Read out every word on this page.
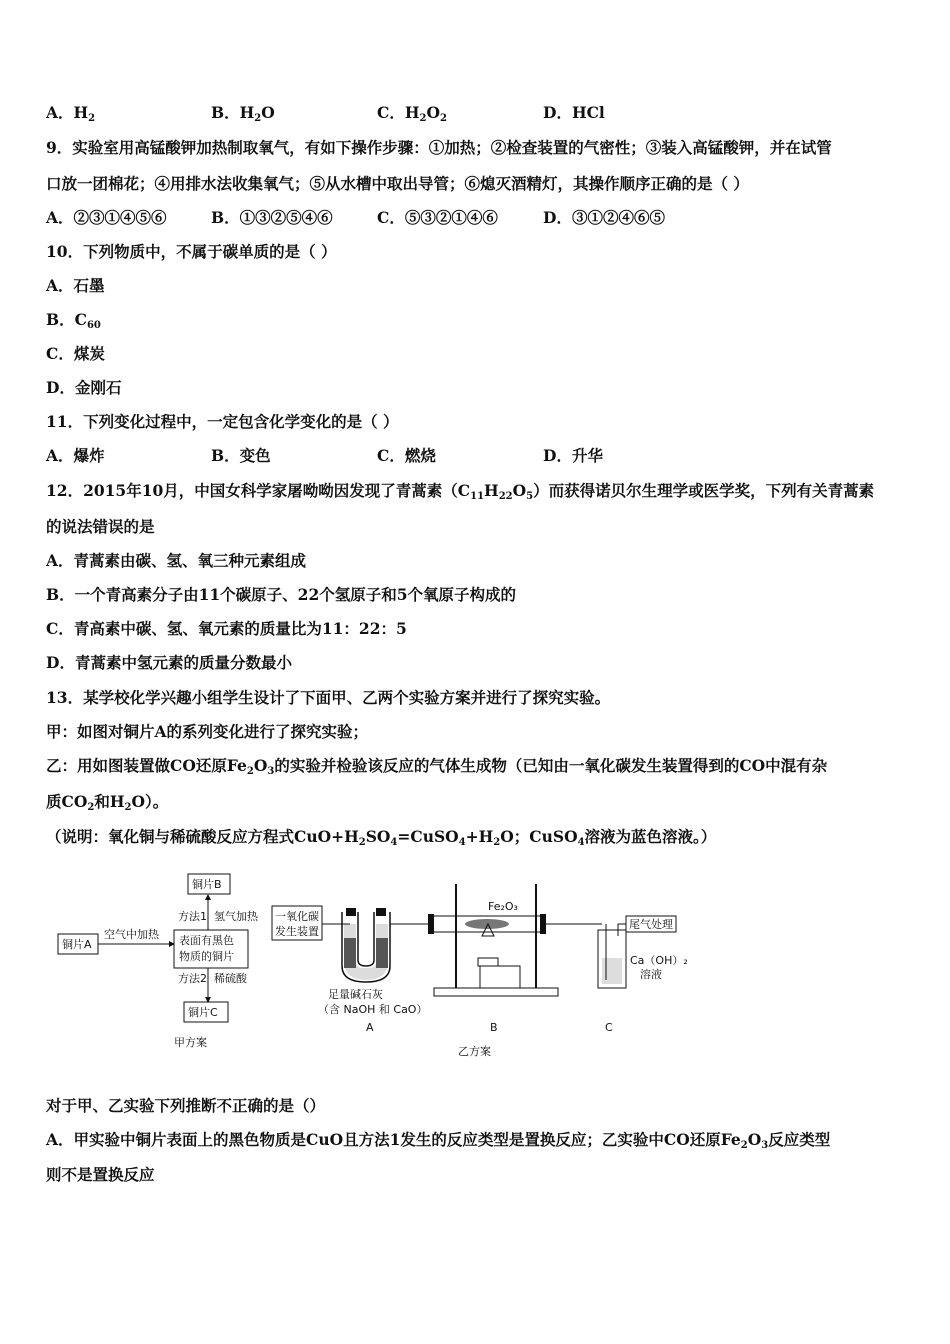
A．$H_2$	B．$H_2O$	C．$H_2O_2$	D．HCl
9．实验室用高锰酸钾加热制取氧气，有如下操作步骤：①加热；②检查装置的气密性；③装入高锰酸钾，并在试管
口放一团棉花；④用排水法收集氧气；⑤从水槽中取出导管；⑥熄灭酒精灯，其操作顺序正确的是（ ）
A．②③①④⑤⑥	B．①③②⑤④⑥	C．⑤③②①④⑥	D．③①②④⑥⑤
10．下列物质中，不属于碳单质的是（ ）
A．石墨
B．$C_{60}$
C．煤炭
D．金刚石
11．下列变化过程中，一定包含化学变化的是（ ）
A．爆炸	B．变色	C．燃烧	D．升华
12．2015年10月，中国女科学家屠呦呦因发现了青蒿素$(C_{11}H_{22}O_5)$而获得诺贝尔生理学或医学奖，下列有关青蒿素
的说法错误的是
A．青蒿素由碳、氢、氧三种元素组成
B．一个青高素分子由11个碳原子、22个氢原子和5个氧原子构成的
C．青高素中碳、氢、氧元素的质量比为11：22：5
D．青蒿素中氢元素的质量分数最小
13．某学校化学兴趣小组学生设计了下面甲、乙两个实验方案并进行了探究实验。
甲：如图对铜片A的系列变化进行了探究实验；
乙：用如图装置做CO还原$Fe_2O_3$的实验并检验该反应的气体生成物（已知由一氧化碳发生装置得到的CO中混有杂
质$CO_2$和$H_2O$）。
（说明：氧化铜与稀硫酸反应方程式$CuO+H_2SO_4=CuSO_4+H_2O$；CuSO$_4$溶液为蓝色溶液。）
铜片A
空气中加热 表面有黑色
物质的铜片
铜片B
方法1 氢气加热
方法2 稀硫酸
铜片C
甲方案
一氧化碳
发生装置
足量碱石灰
（含 NaOH 和 CaO）
A
Fe₂O₃
B
尾气处理
Ca（OH）₂
溶液
C
乙方案
对于甲、乙实验下列推断不正确的是（）
A．甲实验中铜片表面上的黑色物质是CuO且方法1发生的反应类型是置换反应；乙实验中CO还原$Fe_2O_3$反应类型
则不是置换反应
